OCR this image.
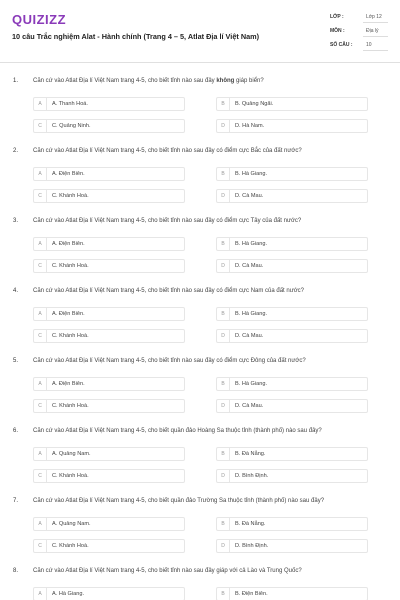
QUIZIZZ
10 câu Trắc nghiệm Alat - Hành chính (Trang 4 – 5, Atlat Địa lí Việt Nam)
LỚP :	Lớp 12
MÔN :	Địa lý
SỐ CÂU :	10
1. Căn cứ vào Atlat Địa lí Việt Nam trang 4-5, cho biết tỉnh nào sau đây không giáp biển?
A	A. Thanh Hoá.	B	B. Quảng Ngãi.
C	C. Quảng Ninh.	D	D. Hà Nam.
2. Căn cứ vào Atlat Địa lí Việt Nam trang 4-5, cho biết tỉnh nào sau đây có điểm cực Bắc của đất nước?
A	A. Điện Biên.	B	B. Hà Giang.
C	C. Khánh Hoà.	D	D. Cà Mau.
3. Căn cứ vào Atlat Địa lí Việt Nam trang 4-5, cho biết tỉnh nào sau đây có điểm cực Tây của đất nước?
A	A. Điện Biên.	B	B. Hà Giang.
C	C. Khánh Hoà.	D	D. Cà Mau.
4. Căn cứ vào Atlat Địa lí Việt Nam trang 4-5, cho biết tỉnh nào sau đây có điểm cực Nam của đất nước?
A	A. Điện Biên.	B	B. Hà Giang.
C	C. Khánh Hoà.	D	D. Cà Mau.
5. Căn cứ vào Atlat Địa lí Việt Nam trang 4-5, cho biết tỉnh nào sau đây có điểm cực Đông của đất nước?
A	A. Điện Biên.	B	B. Hà Giang.
C	C. Khánh Hoà.	D	D. Cà Mau.
6. Căn cứ vào Atlat Địa lí Việt Nam trang 4-5, cho biết quần đảo Hoàng Sa thuộc tỉnh (thành phố) nào sau đây?
A	A. Quảng Nam.	B	B. Đà Nẵng.
C	C. Khánh Hoà.	D	D. Bình Định.
7. Căn cứ vào Atlat Địa lí Việt Nam trang 4-5, cho biết quần đảo Trường Sa thuộc tỉnh (thành phố) nào sau đây?
A	A. Quảng Nam.	B	B. Đà Nẵng.
C	C. Khánh Hoà.	D	D. Bình Định.
8. Căn cứ vào Atlat Địa lí Việt Nam trang 4-5, cho biết tỉnh nào sau đây giáp với cả Lào và Trung Quốc?
A	A. Hà Giang.	B	B. Điện Biên.
